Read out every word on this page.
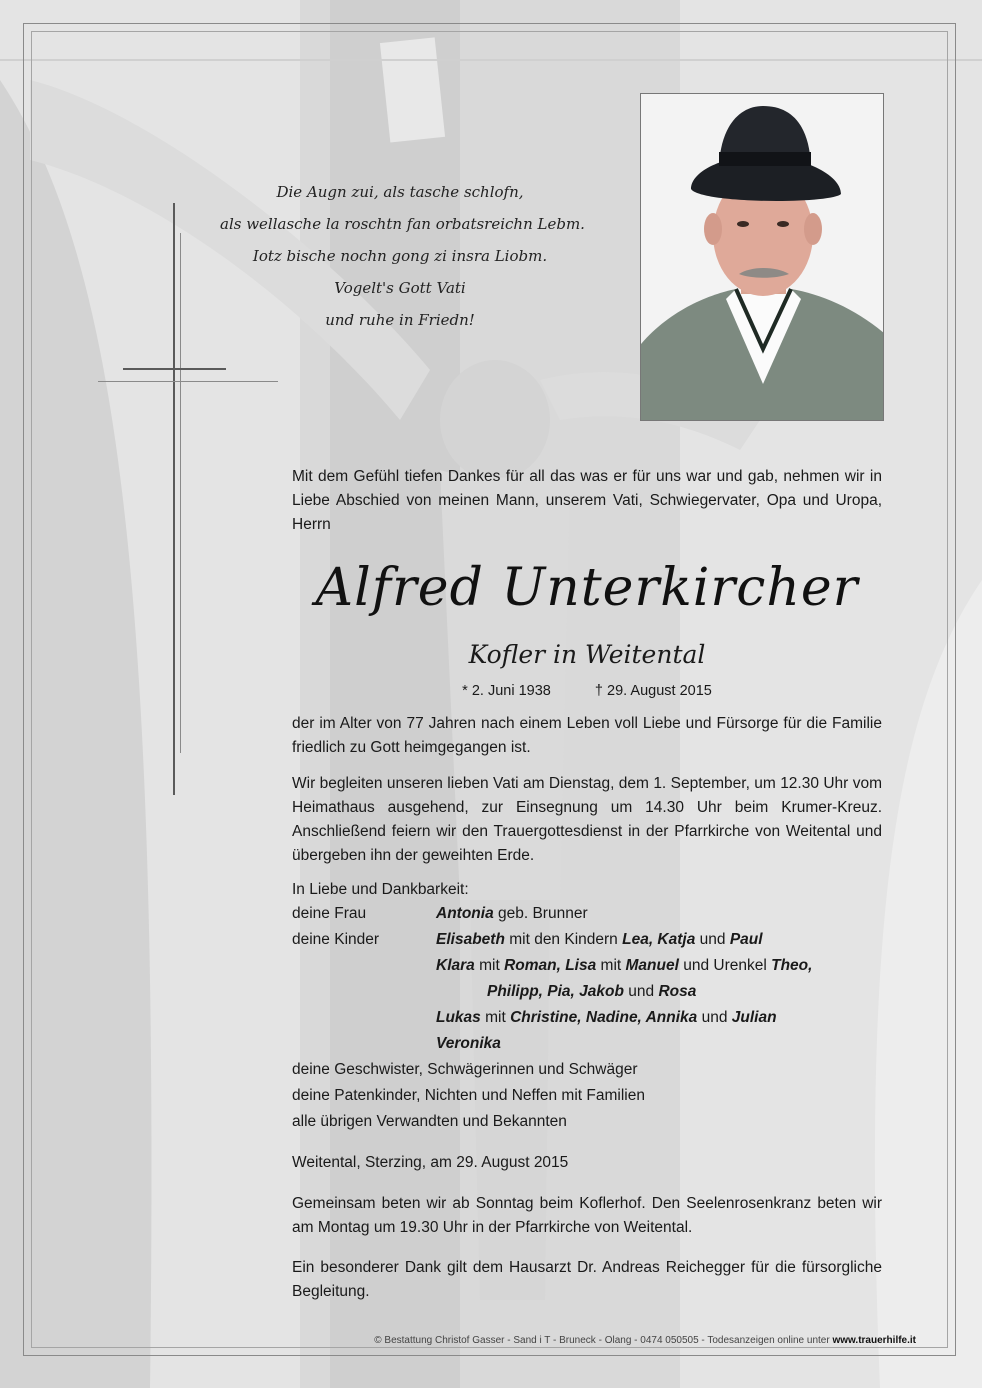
Die Augn zui, als tasche schlofn,
als wellasche la roschtn fan orbatsreichn Lebm.
Iotz bische nochn gong zi insra Liobm.
Vogelt's Gott Vati
und ruhe in Friedn!
Mit dem Gefühl tiefen Dankes für all das was er für uns war und gab, nehmen wir in Liebe Abschied von meinen Mann, unserem Vati, Schwiegervater, Opa und Uropa, Herrn
Alfred Unterkircher
Kofler in Weitental
* 2. Juni 1938	† 29. August 2015
der im Alter von 77 Jahren nach einem Leben voll Liebe und Fürsorge für die Familie friedlich zu Gott heimgegangen ist.
Wir begleiten unseren lieben Vati am Dienstag, dem 1. September, um 12.30 Uhr vom Heimathaus ausgehend, zur Einsegnung um 14.30 Uhr beim Krumer-Kreuz. Anschließend feiern wir den Trauergottesdienst in der Pfarrkirche von Weitental und übergeben ihn der geweihten Erde.
In Liebe und Dankbarkeit:
deine Frau	Antonia geb. Brunner
deine Kinder	Elisabeth mit den Kindern Lea, Katja und Paul
Klara mit Roman, Lisa mit Manuel und Urenkel Theo,
Philipp, Pia, Jakob und Rosa
Lukas mit Christine, Nadine, Annika und Julian
Veronika
deine Geschwister, Schwägerinnen und Schwäger
deine Patenkinder, Nichten und Neffen mit Familien
alle übrigen Verwandten und Bekannten
Weitental, Sterzing, am 29. August 2015
Gemeinsam beten wir ab Sonntag beim Koflerhof. Den Seelenrosenkranz beten wir am Montag um 19.30 Uhr in der Pfarrkirche von Weitental.
Ein besonderer Dank gilt dem Hausarzt Dr. Andreas Reichegger für die fürsorgliche Begleitung.
© Bestattung Christof Gasser - Sand i T - Bruneck - Olang - 0474 050505 - Todesanzeigen online unter www.trauerhilfe.it
